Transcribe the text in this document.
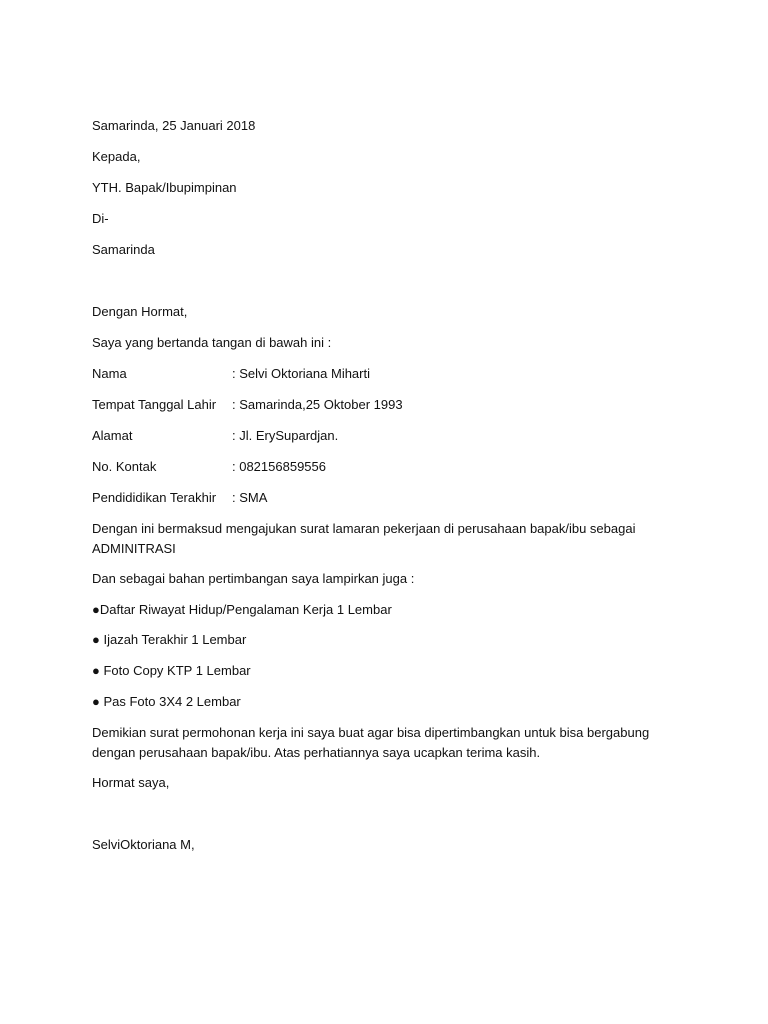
Samarinda, 25 Januari 2018
Kepada,
YTH. Bapak/Ibupimpinan
Di-
Samarinda
Dengan Hormat,
Saya yang bertanda tangan di bawah ini :
Nama	: Selvi Oktoriana Miharti
Tempat Tanggal Lahir : Samarinda,25 Oktober 1993
Alamat	: Jl. ErySupardjan.
No. Kontak	: 082156859556
Pendididikan Terakhir : SMA
Dengan ini bermaksud mengajukan surat lamaran pekerjaan di perusahaan bapak/ibu sebagai
ADMINITRASI
Dan sebagai bahan pertimbangan saya lampirkan juga :
●Daftar Riwayat Hidup/Pengalaman Kerja 1 Lembar
● Ijazah Terakhir 1 Lembar
● Foto Copy KTP 1 Lembar
● Pas Foto 3X4 2 Lembar
Demikian surat permohonan kerja ini saya buat agar bisa dipertimbangkan untuk bisa bergabung
dengan perusahaan bapak/ibu. Atas perhatiannya saya ucapkan terima kasih.
Hormat saya,
SelviOktoriana M,
